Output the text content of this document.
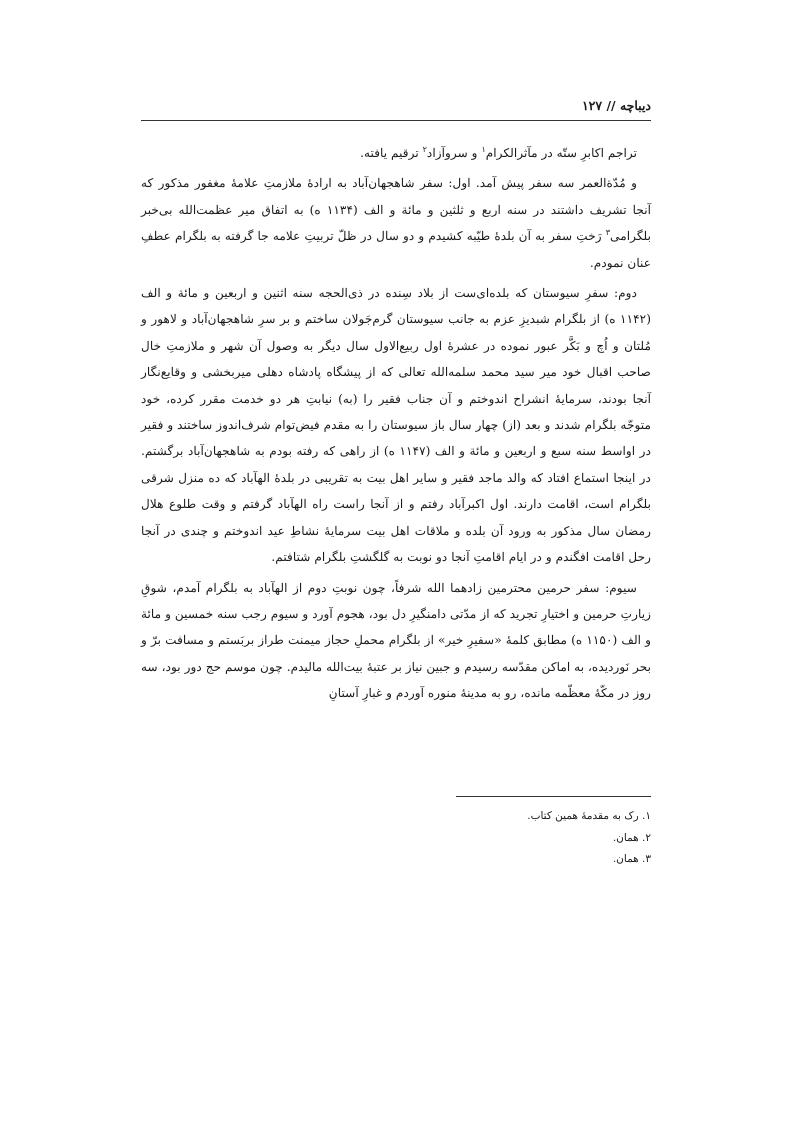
دیباچه // ۱۲۷

تراجم اکابرِ ستّه در مآثرالکرام$^۱$ و سروآزاد$^۲$ ترقیم یافته.

و مُدّةالعمر سه سفر پیش آمد. اول: سفر شاهجهان‌آباد به ارادهٔ ملازمتِ علامهٔ مغفور مذکور که آنجا تشریف داشتند در سنه اربع و ثلثین و مائة و الف (۱۱۳۴ ه) به اتفاق میر عظمت‌الله بی‌خبر بلگرامی$^۳$ رَختِ سفر به آن بلدهٔ طیّبه کشیدم و دو سال در ظلّ تربیتِ علامه جا گرفته به بلگرام عطفِ عنان نمودم.

دوم: سفرِ سیوستان که بلده‌ای‌ست از بلاد سِنده در ذی‌الحجه سنه اثنین و اربعین و مائة و الف (۱۱۴۲ ه) از بلگرام شبدیزِ عزم به جانب سیوستان گرم‌جَولان ساختم و بر سرِ شاهجهان‌آباد و لاهور و مُلتان و اُچ و بَکَّر عبور نموده در عشرهٔ اول ربیع‌الاول سال دیگر به وصول آن شهر و ملازمتِ خال صاحب اقبال خود میر سید محمد سلمه‌الله تعالی که از پیشگاه پادشاه دهلی میربخشی و وقایع‌نگار آنجا بودند، سرمایهٔ انشراح اندوختم و آن جناب فقیر را (به) نیابتِ هر دو خدمت مقرر کرده، خود متوجّه بلگرام شدند و بعد (از) چهار سال باز سیوستان را به مقدم فیض‌توام شرف‌اندوز ساختند و فقیر در اواسط سنه سبع و اربعین و مائة و الف (۱۱۴۷ ه) از راهی که رفته بودم به شاهجهان‌آباد برگشتم. در اینجا استماع افتاد که والد ماجد فقیر و سایر اهل بیت به تقریبی در بلدهٔ الهآباد که ده منزل شرقی بلگرام است، اقامت دارند. اول اکبرآباد رفتم و از آنجا راست راه الهآباد گرفتم و وقت طلوع هلال رمضان سال مذکور به ورود آن بلده و ملاقات اهل بیت سرمایهٔ نشاطِ عید اندوختم و چندی در آنجا رحل اقامت افگندم و در ایام اقامتِ آنجا دو نوبت به گلگشتِ بلگرام شتافتم.

سیوم: سفر حرمین محترمین زادهما الله شرفاً، چون نوبتِ دوم از الهآباد به بلگرام آمدم، شوقِ زیارتِ حرمین و اختیارِ تجرید که از مدّتی دامنگیرِ دل بود، هجوم آورد و سیوم رجب سنه خمسین و مائة و الف (۱۱۵۰ ه) مطابق کلمهٔ «سفیرِ خیر» از بلگرام محملِ حجاز میمنت طراز بربَستم و مسافت برّ و بحر نَوردیده، به اماکن مقدّسه رسیدم و جبین نیاز بر عتبهٔ بیت‌الله مالیدم. چون موسم حج دور بود، سه روز در مکّهٔ معظّمه مانده، رو به مدینهٔ منوره آوردم و غبارِ آستانِ

۱. رک به مقدمهٔ همین کتاب.
۲. همان.
۳. همان.
